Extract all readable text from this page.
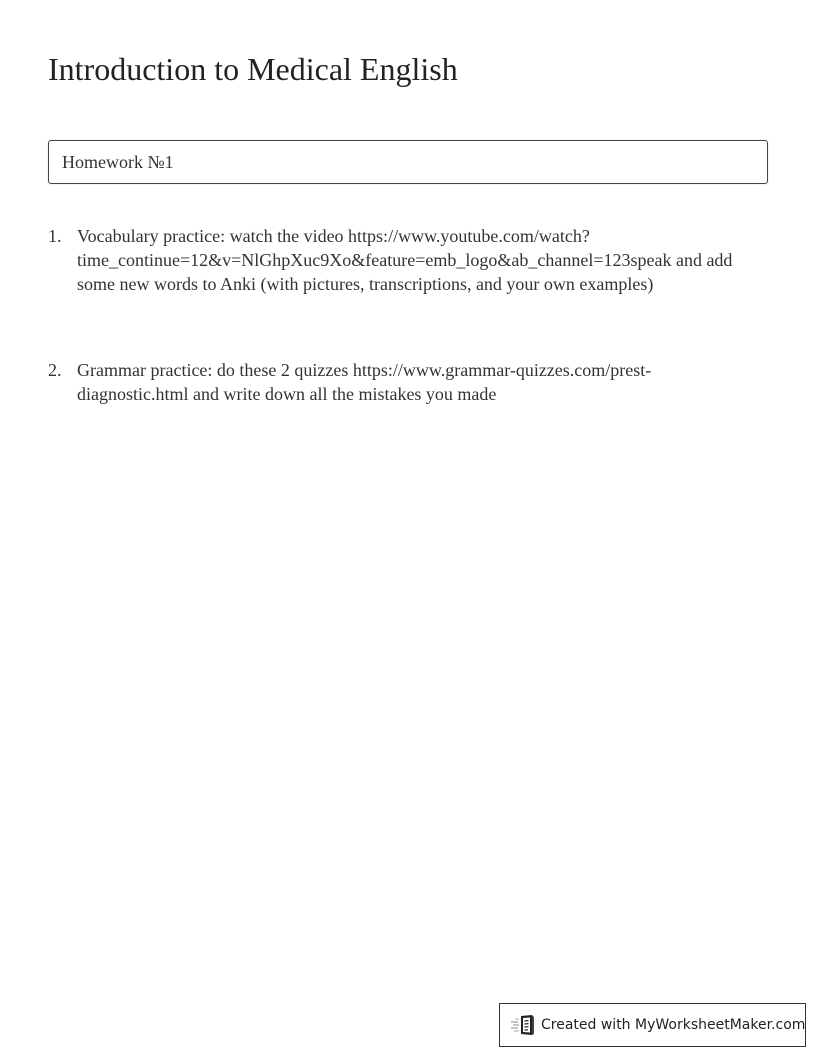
Introduction to Medical English
Homework №1
1. Vocabulary practice: watch the video https://www.youtube.com/watch?
time_continue=12&v=NlGhpXuc9Xo&feature=emb_logo&ab_channel=123speak and add
some new words to Anki (with pictures, transcriptions, and your own examples)
2. Grammar practice: do these 2 quizzes https://www.grammar-quizzes.com/prest-
diagnostic.html and write down all the mistakes you made
Created with MyWorksheetMaker.com
